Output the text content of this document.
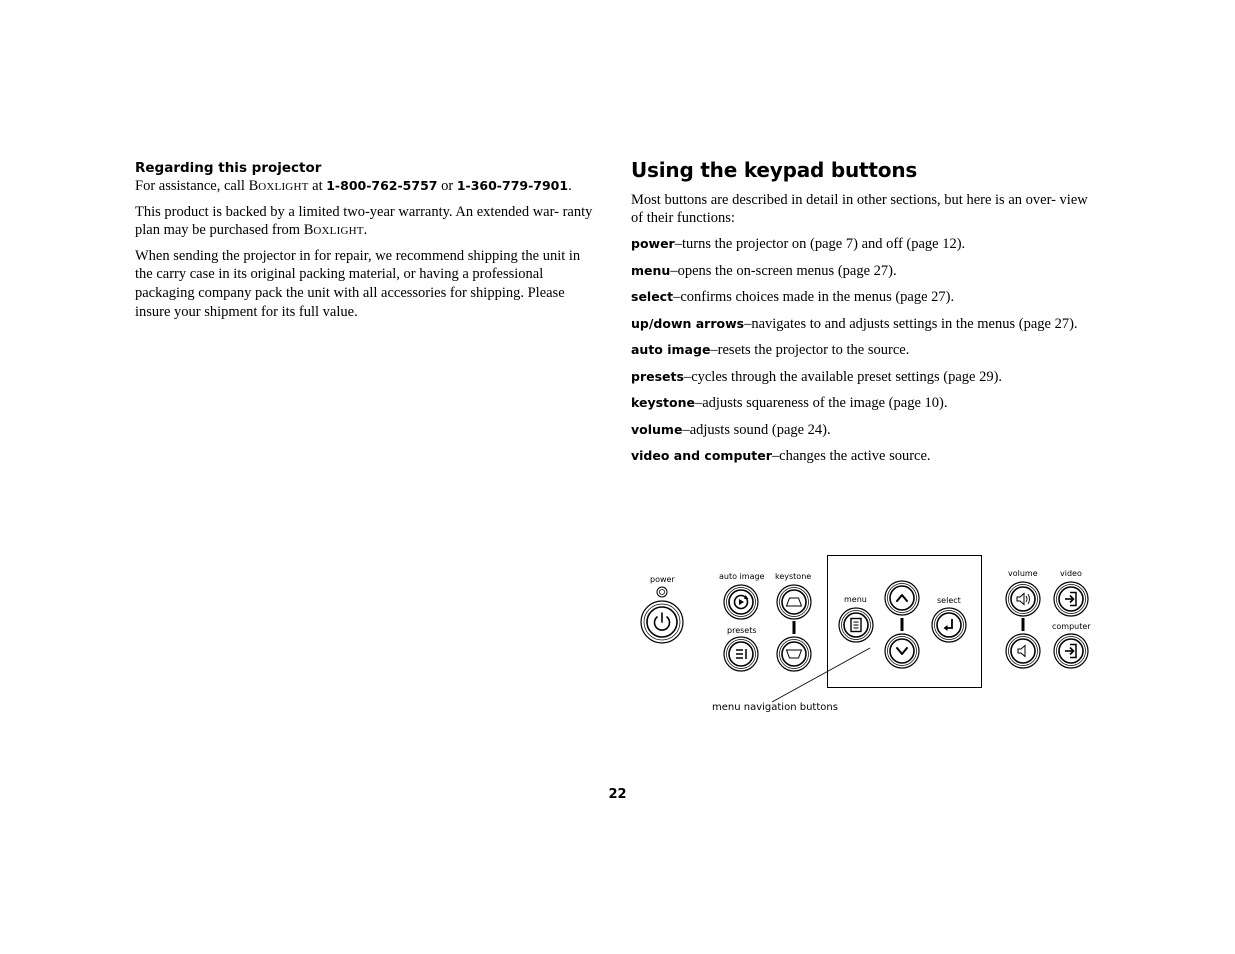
Regarding this projector

For assistance, call BOXLIGHT at 1-800-762-5757 or 1-360-779-7901.

This product is backed by a limited two-year warranty. An extended war- ranty plan may be purchased from BOXLIGHT.

When sending the projector in for repair, we recommend shipping the unit in the carry case in its original packing material, or having a professional packaging company pack the unit with all accessories for shipping. Please insure your shipment for its full value.

Using the keypad buttons

Most buttons are described in detail in other sections, but here is an over- view of their functions:

power–turns the projector on (page 7) and off (page 12).

menu–opens the on-screen menus (page 27).

select–confirms choices made in the menus (page 27).

up/down arrows–navigates to and adjusts settings in the menus (page 27).

auto image–resets the projector to the source.

presets–cycles through the available preset settings (page 29).

keystone–adjusts squareness of the image (page 10).

volume–adjusts sound (page 24).

video and computer–changes the active source.

power	auto image keystone
presets
menu	select
volume	video
computer
menu navigation buttons
22
